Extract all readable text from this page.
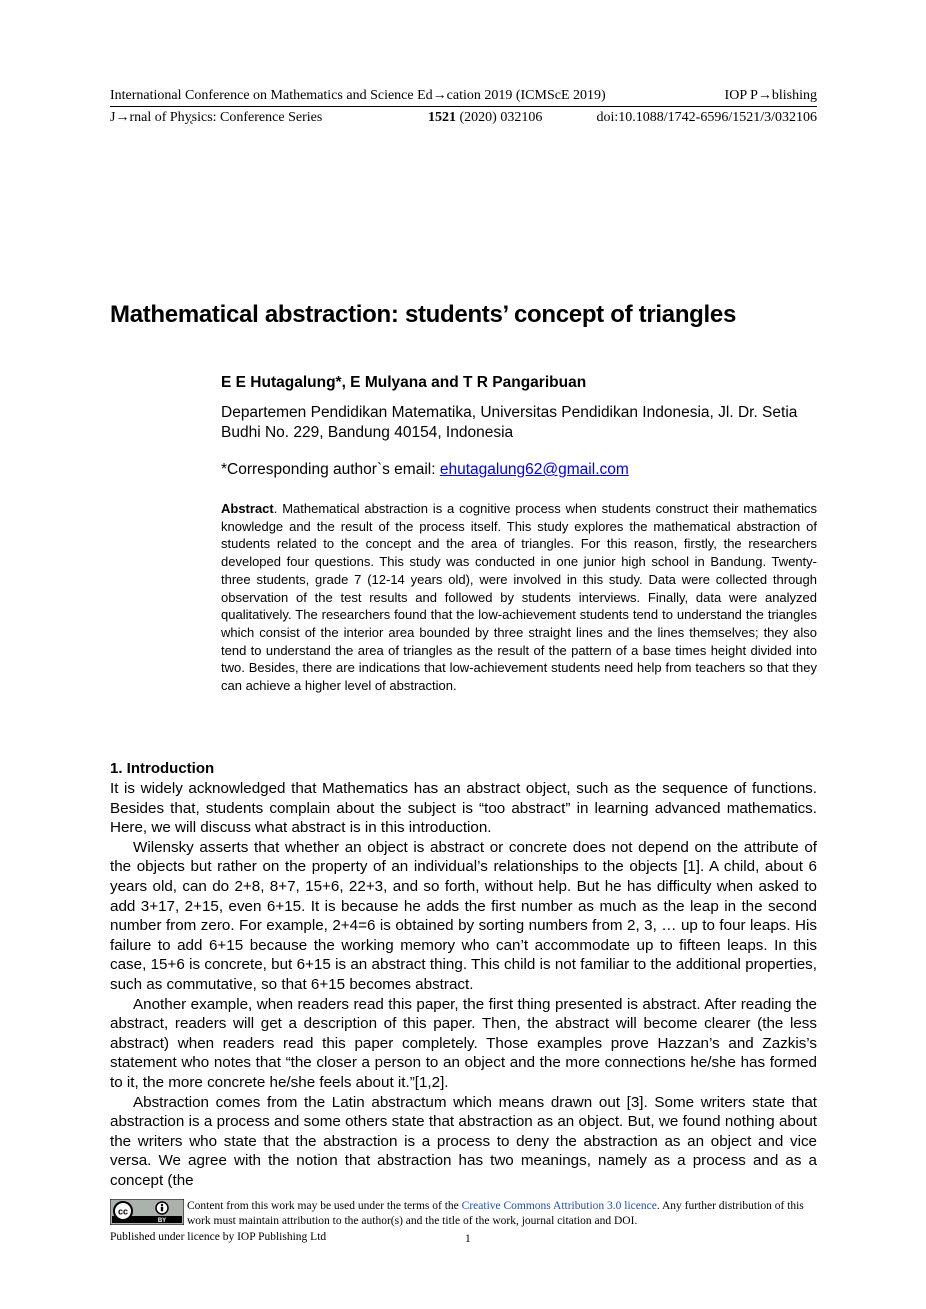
International Conference on Mathematics and Science Ed→cation 2019 (ICMScE 2019)	IOP P→blishing
J→rnal of Phy̨sics: Conference Series	1521 (2020) 032106	doi:10.1088/1742-6596/1521/3/032106
Mathematical abstraction: students’ concept of triangles
E E Hutagalung*, E Mulyana and T R Pangaribuan
Departemen Pendidikan Matematika, Universitas Pendidikan Indonesia, Jl. Dr. Setia Budhi No. 229, Bandung 40154, Indonesia
*Corresponding author`s email: ehutagalung62@gmail.com
Abstract. Mathematical abstraction is a cognitive process when students construct their mathematics knowledge and the result of the process itself. This study explores the mathematical abstraction of students related to the concept and the area of triangles. For this reason, firstly, the researchers developed four questions. This study was conducted in one junior high school in Bandung. Twenty-three students, grade 7 (12-14 years old), were involved in this study. Data were collected through observation of the test results and followed by students interviews. Finally, data were analyzed qualitatively. The researchers found that the low-achievement students tend to understand the triangles which consist of the interior area bounded by three straight lines and the lines themselves; they also tend to understand the area of triangles as the result of the pattern of a base times height divided into two. Besides, there are indications that low-achievement students need help from teachers so that they can achieve a higher level of abstraction.
1. Introduction

It is widely acknowledged that Mathematics has an abstract object, such as the sequence of functions. Besides that, students complain about the subject is “too abstract” in learning advanced mathematics. Here, we will discuss what abstract is in this introduction.

Wilensky asserts that whether an object is abstract or concrete does not depend on the attribute of the objects but rather on the property of an individual’s relationships to the objects [1]. A child, about 6 years old, can do 2+8, 8+7, 15+6, 22+3, and so forth, without help. But he has difficulty when asked to add 3+17, 2+15, even 6+15. It is because he adds the first number as much as the leap in the second number from zero. For example, 2+4=6 is obtained by sorting numbers from 2, 3, … up to four leaps. His failure to add 6+15 because the working memory who can’t accommodate up to fifteen leaps. In this case, 15+6 is concrete, but 6+15 is an abstract thing. This child is not familiar to the additional properties, such as commutative, so that 6+15 becomes abstract.

Another example, when readers read this paper, the first thing presented is abstract. After reading the abstract, readers will get a description of this paper. Then, the abstract will become clearer (the less abstract) when readers read this paper completely. Those examples prove Hazzan’s and Zazkis’s statement who notes that “the closer a person to an object and the more connections he/she has formed to it, the more concrete he/she feels about it.”[1,2].

Abstraction comes from the Latin abstractum which means drawn out [3]. Some writers state that abstraction is a process and some others state that abstraction as an object. But, we found nothing about the writers who state that the abstraction is a process to deny the abstraction as an object and vice versa. We agree with the notion that abstraction has two meanings, namely as a process and as a concept (the

cc
BY
Content from this work may be used under the terms of the Creative Commons Attribution 3.0 licence. Any further distribution of this work must maintain attribution to the author(s) and the title of the work, journal citation and DOI.
Published under licence by IOP Publishing Ltd	1
